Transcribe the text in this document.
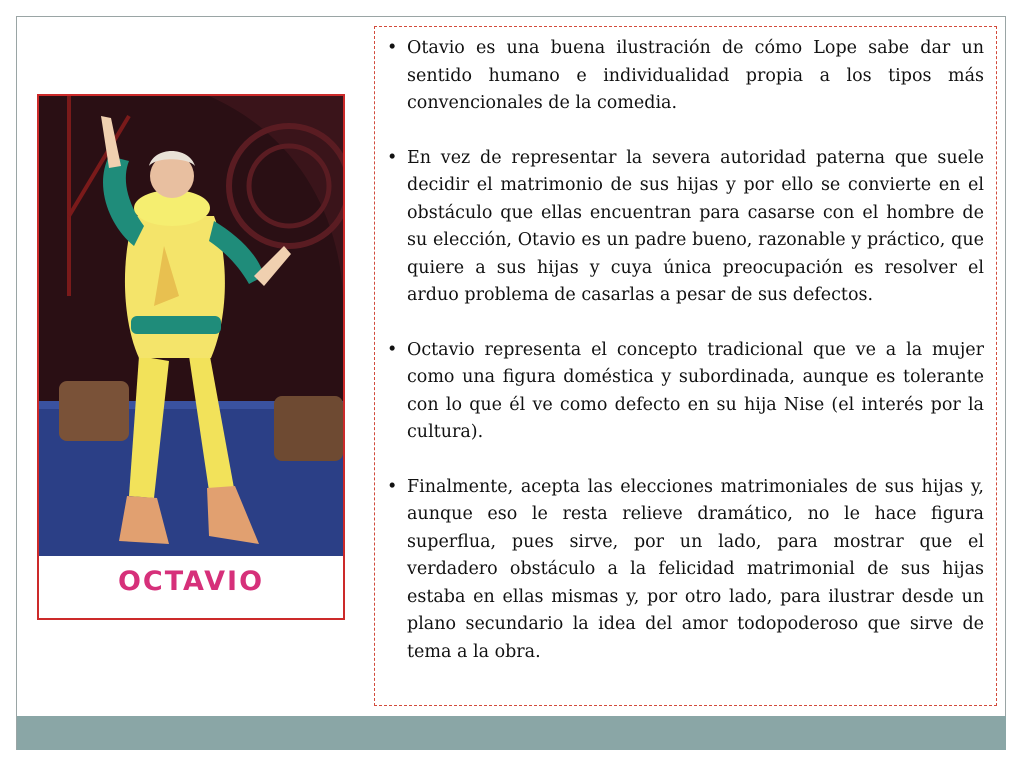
OCTAVIO
• Otavio es una buena ilustración de cómo Lope sabe dar un sentido humano e individualidad propia a los tipos más convencionales de la comedia.
• En vez de representar la severa autoridad paterna que suele decidir el matrimonio de sus hijas y por ello se convierte en el obstáculo que ellas encuentran para casarse con el hombre de su elección, Otavio es un padre bueno, razonable y práctico, que quiere a sus hijas y cuya única preocupación es resolver el arduo problema de casarlas a pesar de sus defectos.
• Octavio representa el concepto tradicional que ve a la mujer como una figura doméstica y subordinada, aunque es tolerante con lo que él ve como defecto en su hija Nise (el interés por la cultura).
• Finalmente, acepta las elecciones matrimoniales de sus hijas y, aunque eso le resta relieve dramático, no le hace figura superflua, pues sirve, por un lado, para mostrar que el verdadero obstáculo a la felicidad matrimonial de sus hijas estaba en ellas mismas y, por otro lado, para ilustrar desde un plano secundario la idea del amor todopoderoso que sirve de tema a la obra.
